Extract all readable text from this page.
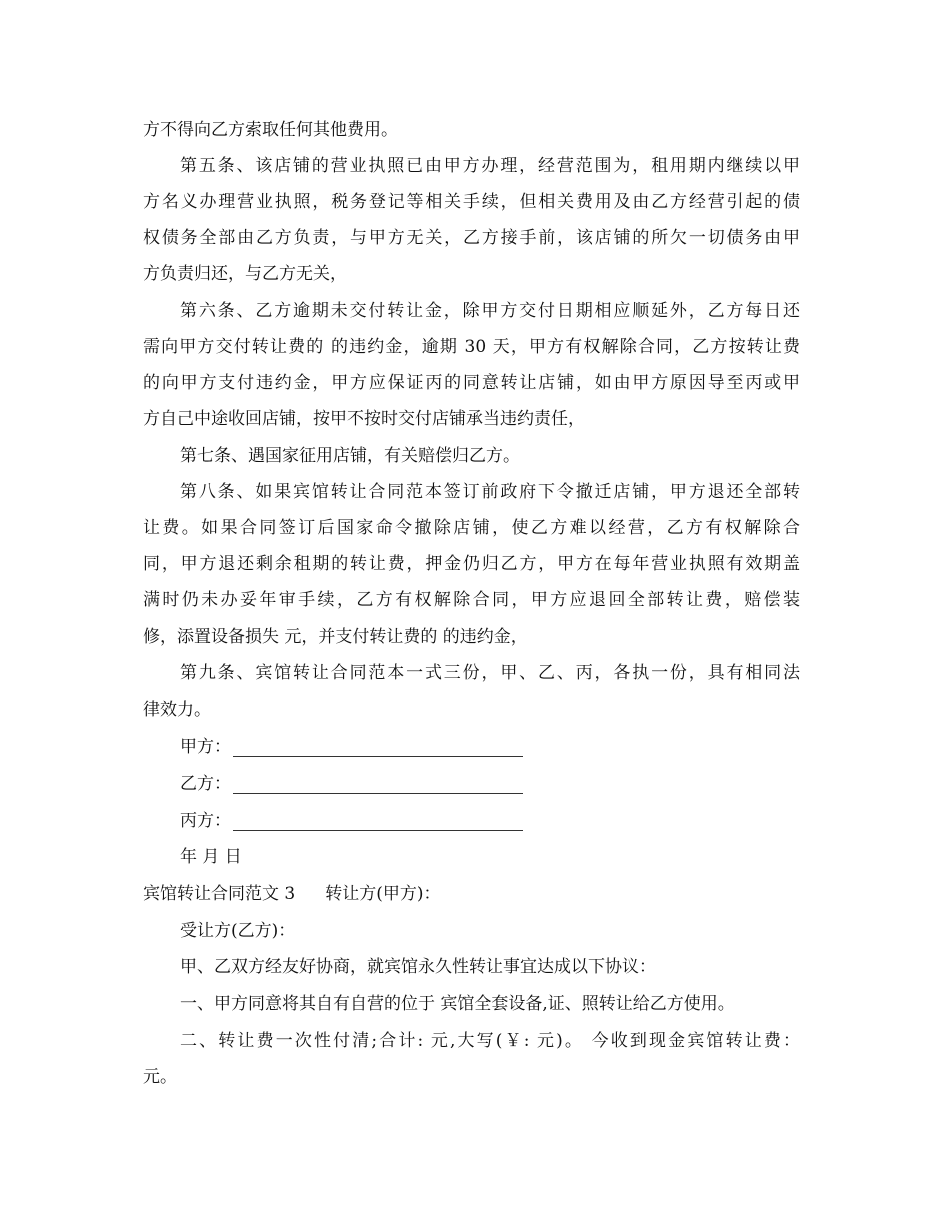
方不得向乙方索取任何其他费用。
第五条、该店铺的营业执照已由甲方办理，经营范围为，租用期内继续以甲
方名义办理营业执照，税务登记等相关手续，但相关费用及由乙方经营引起的债
权债务全部由乙方负责，与甲方无关，乙方接手前，该店铺的所欠一切债务由甲
方负责归还，与乙方无关，
第六条、乙方逾期未交付转让金，除甲方交付日期相应顺延外，乙方每日还
需向甲方交付转让费的 的违约金，逾期 30 天，甲方有权解除合同，乙方按转让费
的向甲方支付违约金，甲方应保证丙的同意转让店铺，如由甲方原因导至丙或甲
方自己中途收回店铺，按甲不按时交付店铺承当违约责任，
第七条、遇国家征用店铺，有关赔偿归乙方。
第八条、如果宾馆转让合同范本签订前政府下令撤迁店铺，甲方退还全部转
让费。如果合同签订后国家命令撤除店铺，使乙方难以经营，乙方有权解除合
同，甲方退还剩余租期的转让费，押金仍归乙方，甲方在每年营业执照有效期盖
满时仍未办妥年审手续，乙方有权解除合同，甲方应退回全部转让费，赔偿装
修，添置设备损失 元，并支付转让费的 的违约金，
第九条、宾馆转让合同范本一式三份，甲、乙、丙，各执一份，具有相同法
律效力。
甲方：
乙方：
丙方：
年 月 日
宾馆转让合同范文 3 转让方(甲方)：
受让方(乙方)：
甲、乙双方经友好协商，就宾馆永久性转让事宜达成以下协议：
一、甲方同意将其自有自营的位于 宾馆全套设备,证、照转让给乙方使用。
二、转让费一次性付清;合计: 元,大写(￥: 元)。 今收到现金宾馆转让费：
元。
